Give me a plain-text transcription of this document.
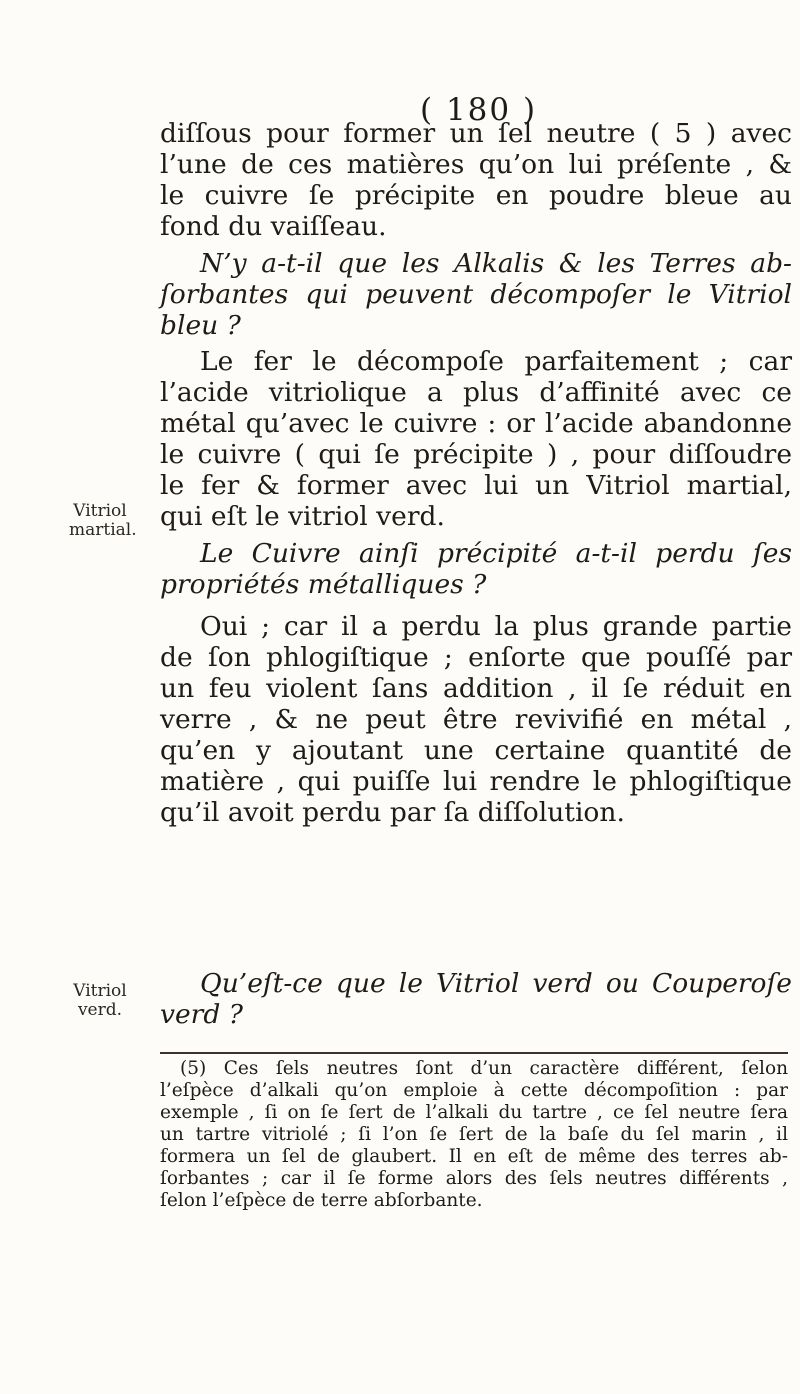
( 180 )
diſſous pour former un ſel neutre ( 5 ) avec
l’une de ces matières qu’on lui préſente , &
le cuivre ſe précipite en poudre bleue au
fond du vaiſſeau.
N’y a-t-il que les Alkalis & les Terres ab-
ſorbantes qui peuvent décompoſer le Vitriol
bleu ?
Le fer le décompoſe parfaitement ; car
l’acide vitriolique a plus d’affinité avec ce
métal qu’avec le cuivre : or l’acide abandonne
le cuivre ( qui ſe précipite ) , pour diſſoudre
le fer & former avec lui un Vitriol martial,
qui eſt le vitriol verd.
Le Cuivre ainſi précipité a-t-il perdu ſes
propriétés métalliques ?
Oui ; car il a perdu la plus grande partie
de ſon phlogiſtique ; enſorte que pouſſé par
un feu violent ſans addition , il ſe réduit en
verre , & ne peut être revivifié en métal ,
qu’en y ajoutant une certaine quantité de
matière , qui puiſſe lui rendre le phlogiſtique
qu’il avoit perdu par ſa diſſolution.
Qu’eſt-ce que le Vitriol verd ou Couperoſe
verd ?
Vitriol
martial.
Vitriol
verd.
(5) Ces ſels neutres ſont d’un caractère différent, ſelon
l’eſpèce d’alkali qu’on emploie à cette décompoſition : par
exemple , ſi on ſe ſert de l’alkali du tartre , ce ſel neutre ſera
un tartre vitriolé ; ſi l’on ſe ſert de la baſe du ſel marin , il
formera un ſel de glaubert. Il en eſt de même des terres ab-
ſorbantes ; car il ſe forme alors des ſels neutres différents ,
ſelon l’eſpèce de terre abſorbante.
